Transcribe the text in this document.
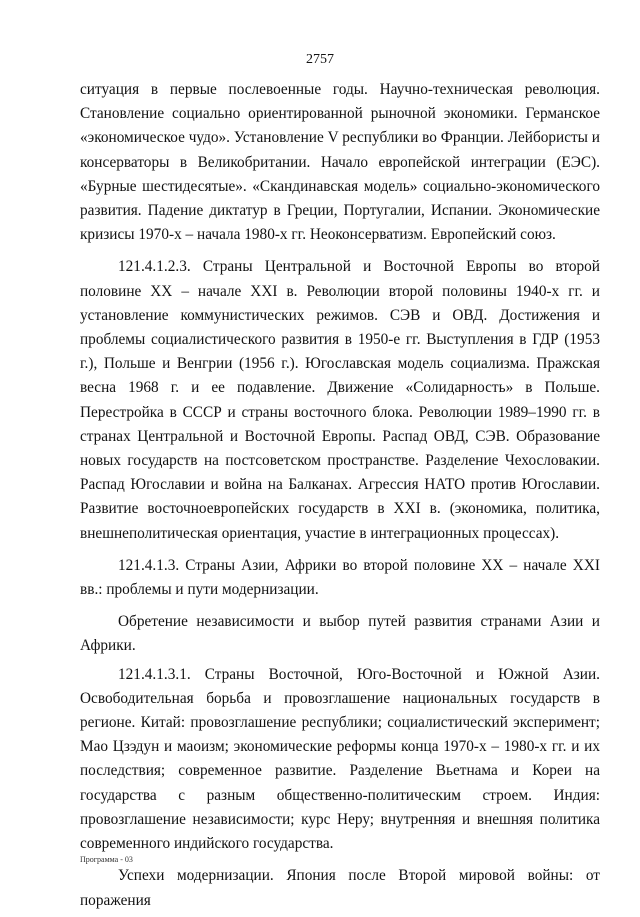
2757

ситуация в первые послевоенные годы. Научно-техническая революция. Становление социально ориентированной рыночной экономики. Германское «экономическое чудо». Установление V республики во Франции. Лейбористы и консерваторы в Великобритании. Начало европейской интеграции (ЕЭС). «Бурные шестидесятые». «Скандинавская модель» социально-экономического развития. Падение диктатур в Греции, Португалии, Испании. Экономические кризисы 1970-х – начала 1980-х гг. Неоконсерватизм. Европейский союз.

121.4.1.2.3. Страны Центральной и Восточной Европы во второй половине XX – начале XXI в. Революции второй половины 1940-х гг. и установление коммунистических режимов. СЭВ и ОВД. Достижения и проблемы социалистического развития в 1950-е гг. Выступления в ГДР (1953 г.), Польше и Венгрии (1956 г.). Югославская модель социализма. Пражская весна 1968 г. и ее подавление. Движение «Солидарность» в Польше. Перестройка в СССР и страны восточного блока. Революции 1989–1990 гг. в странах Центральной и Восточной Европы. Распад ОВД, СЭВ. Образование новых государств на постсоветском пространстве. Разделение Чехословакии. Распад Югославии и война на Балканах. Агрессия НАТО против Югославии. Развитие восточноевропейских государств в XXI в. (экономика, политика, внешнеполитическая ориентация, участие в интеграционных процессах).

121.4.1.3. Страны Азии, Африки во второй половине XX – начале XXI вв.: проблемы и пути модернизации.

Обретение независимости и выбор путей развития странами Азии и Африки.

121.4.1.3.1. Страны Восточной, Юго-Восточной и Южной Азии. Освободительная борьба и провозглашение национальных государств в регионе. Китай: провозглашение республики; социалистический эксперимент; Мао Цзэдун и маоизм; экономические реформы конца 1970-х – 1980-х гг. и их последствия; современное развитие. Разделение Вьетнама и Кореи на государства с разным общественно-политическим строем. Индия: провозглашение независимости; курс Неру; внутренняя и внешняя политика современного индийского государства.

Успехи модернизации. Япония после Второй мировой войны: от поражения

Программа - 03
